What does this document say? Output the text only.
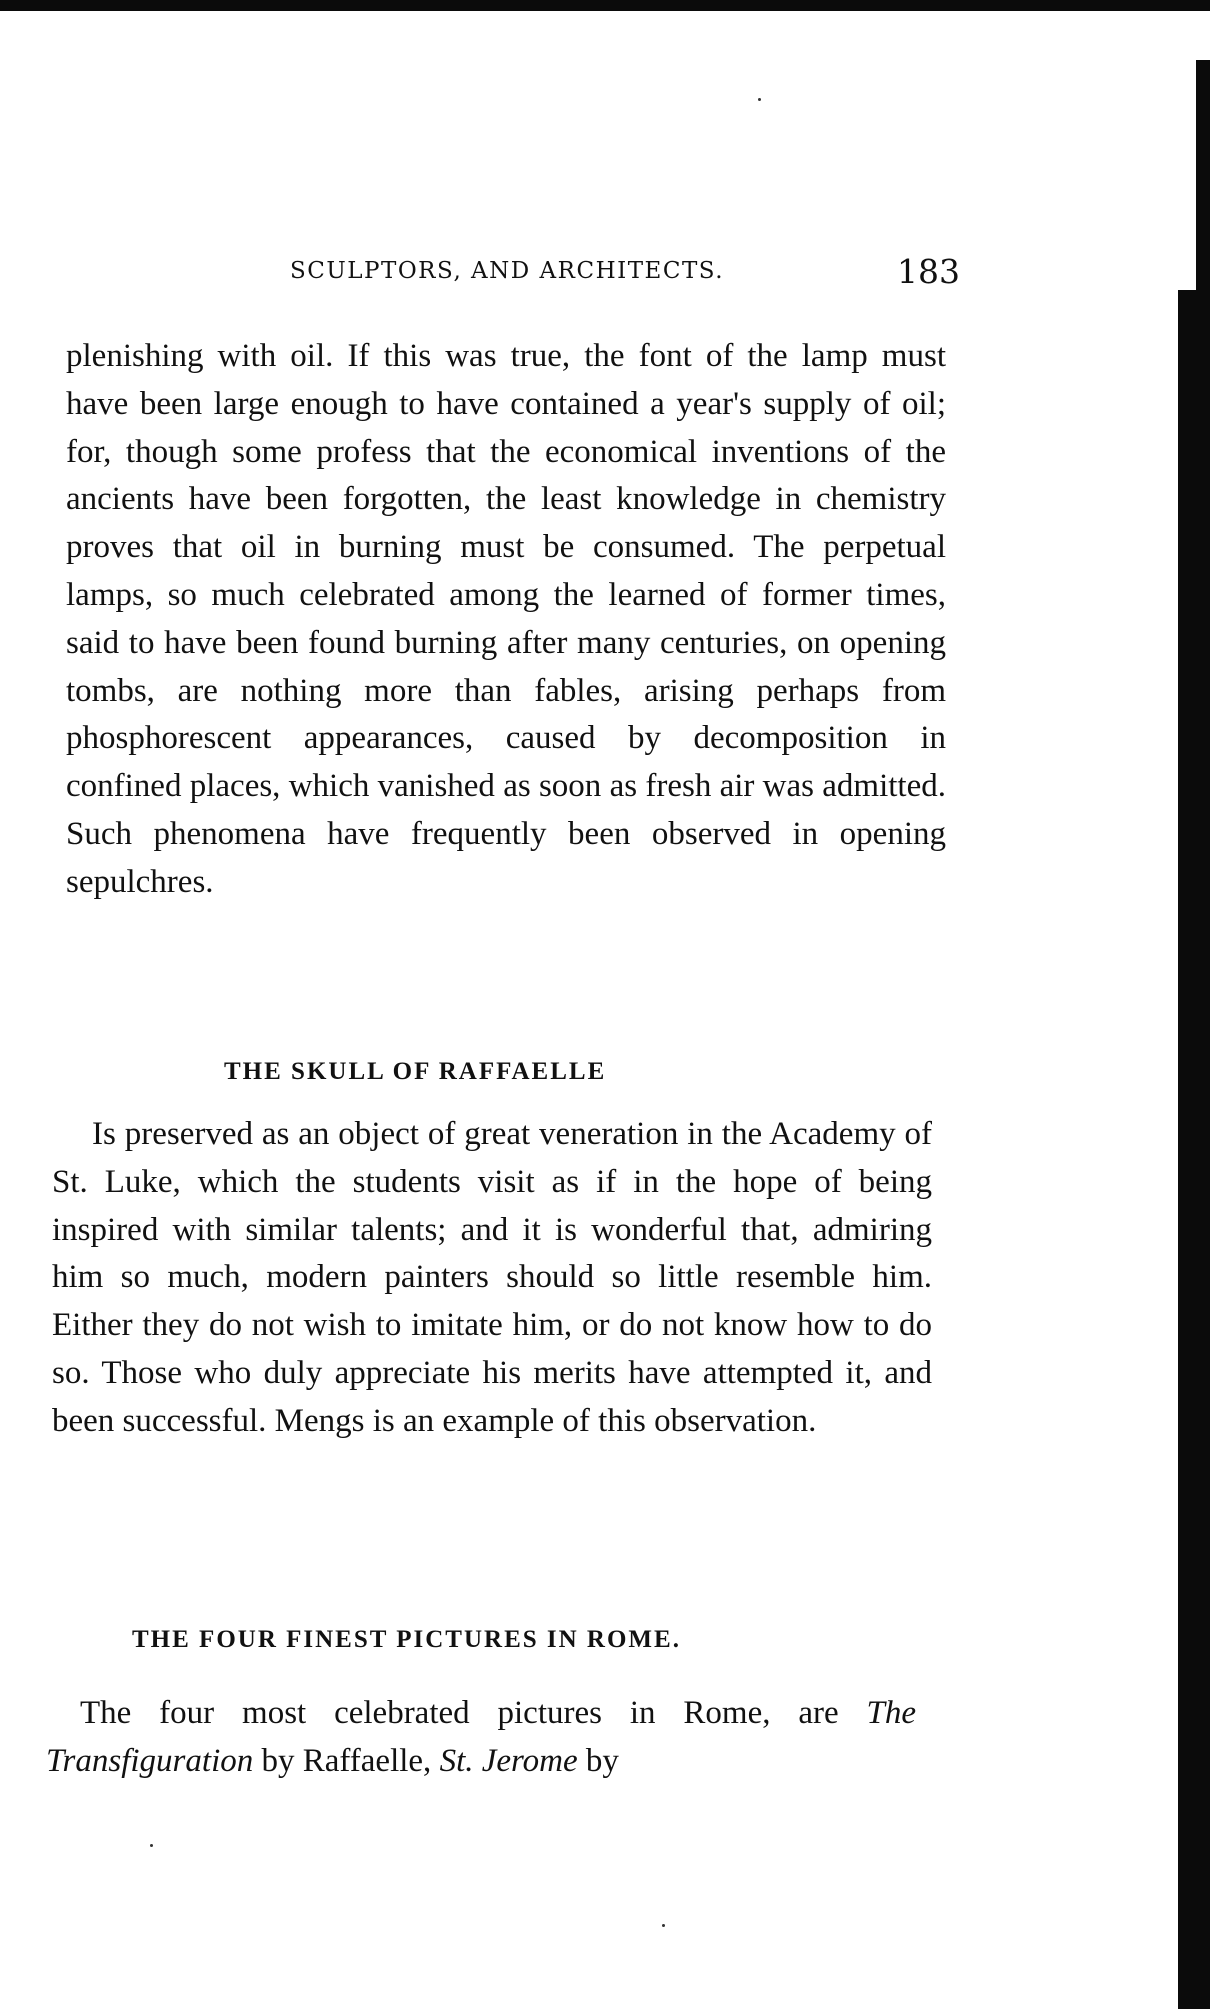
SCULPTORS, AND ARCHITECTS.	183

plenishing with oil. If this was true, the font of the lamp must have been large enough to have contained a year's supply of oil; for, though some profess that the economical inventions of the ancients have been forgotten, the least knowledge in chemistry proves that oil in burning must be consumed. The perpetual lamps, so much celebrated among the learned of former times, said to have been found burning after many centuries, on opening tombs, are nothing more than fables, arising perhaps from phosphorescent appearances, caused by decomposition in confined places, which vanished as soon as fresh air was admitted. Such phenomena have frequently been observed in opening sepulchres.

THE SKULL OF RAFFAELLE

Is preserved as an object of great veneration in the Academy of St. Luke, which the students visit as if in the hope of being inspired with similar talents; and it is wonderful that, admiring him so much, modern painters should so little resemble him. Either they do not wish to imitate him, or do not know how to do so. Those who duly appreciate his merits have attempted it, and been successful. Mengs is an example of this observation.

THE FOUR FINEST PICTURES IN ROME.

The four most celebrated pictures in Rome, are The Transfiguration by Raffaelle, St. Jerome by
